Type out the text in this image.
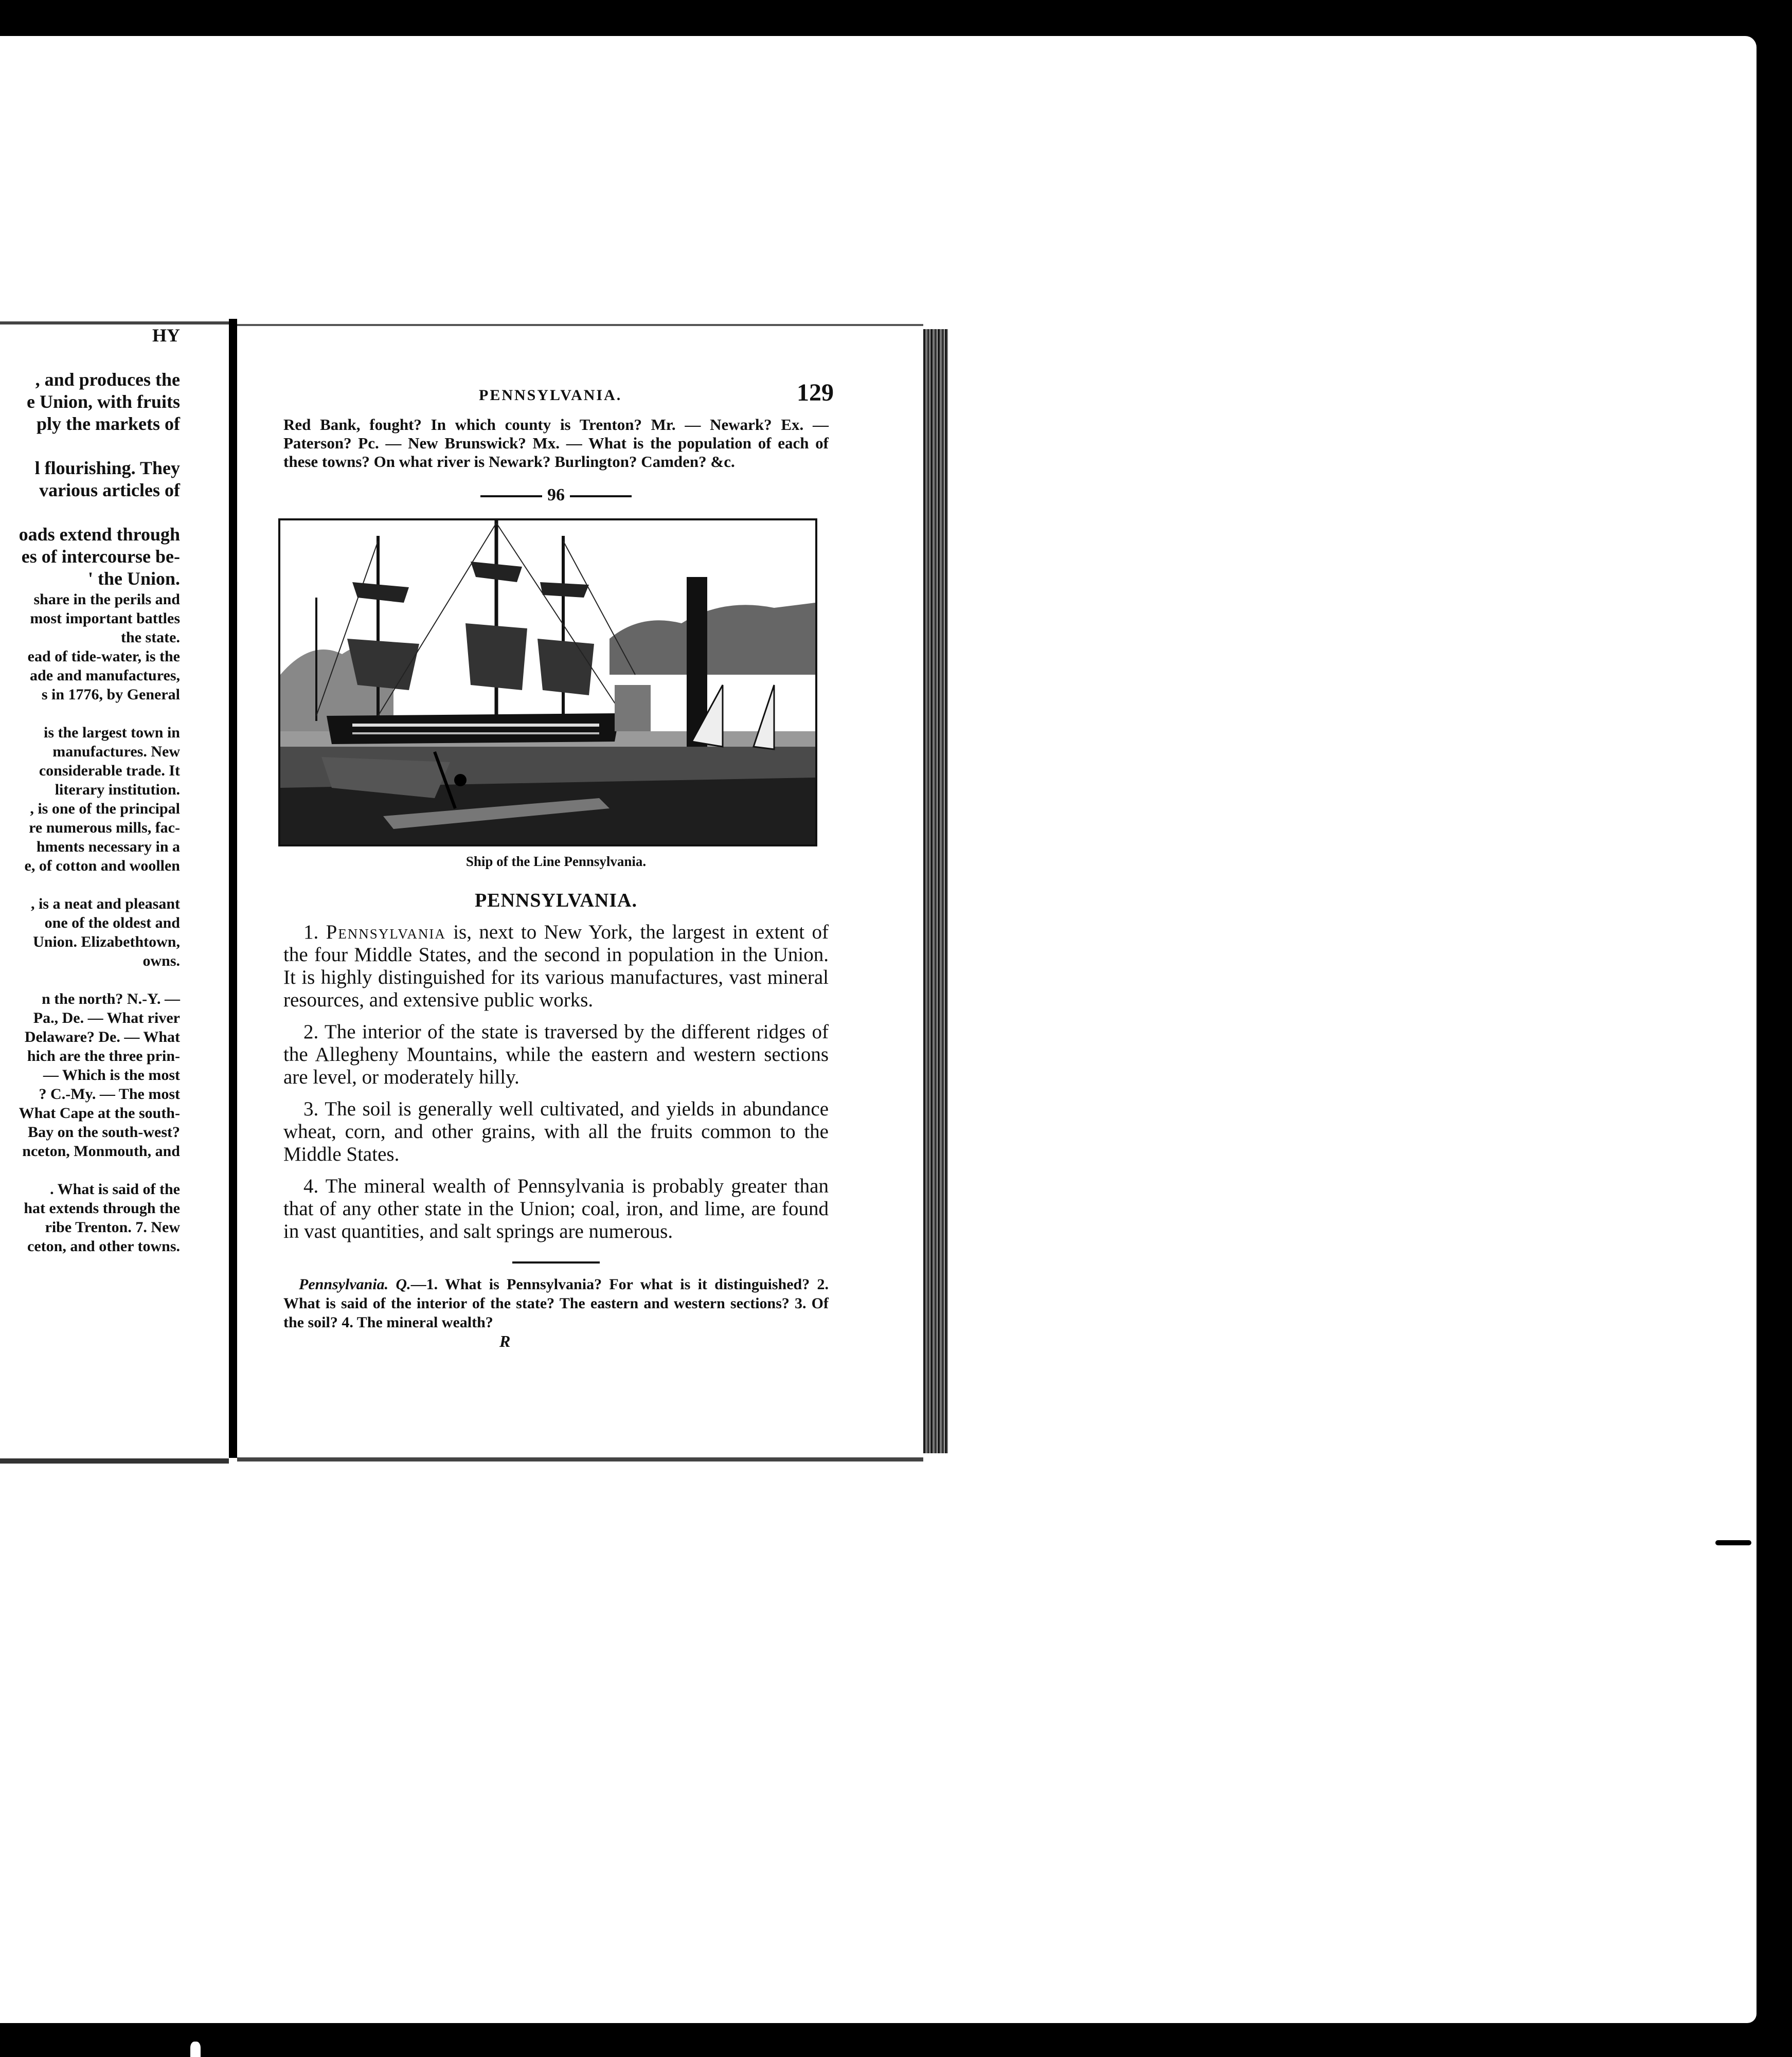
HY

, and produces the
e Union, with fruits
ply the markets of

l flourishing. They
various articles of

oads extend through
es of intercourse be-
' the Union.
share in the perils and
most important battles
the state.
ead of tide-water, is the
ade and manufactures,
s in 1776, by General

is the largest town in
manufactures. New
considerable trade. It
literary institution.
, is one of the principal
re numerous mills, fac-
hments necessary in a
e, of cotton and woollen

, is a neat and pleasant
one of the oldest and
Union. Elizabethtown,
owns.

n the north? N.-Y. —
Pa., De. — What river
Delaware? De. — What
hich are the three prin-
— Which is the most
? C.-My. — The most
What Cape at the south-
Bay on the south-west?
nceton, Monmouth, and

. What is said of the
hat extends through the
ribe Trenton. 7. New
ceton, and other towns.
PENNSYLVANIA.	129
Red Bank, fought? In which county is Trenton? Mr. — Newark? Ex. — Paterson? Pc. — New Brunswick? Mx. — What is the population of each of these towns? On what river is Newark? Burlington? Camden? &c.
96
Ship of the Line Pennsylvania.
PENNSYLVANIA.
 1. Pennsylvania is, next to New York, the largest in extent of the four Middle States, and the second in population in the Union. It is highly distinguished for its various manufactures, vast mineral resources, and extensive public works.
 2. The interior of the state is traversed by the different ridges of the Allegheny Mountains, while the eastern and western sections are level, or moderately hilly.
 3. The soil is generally well cultivated, and yields in abundance wheat, corn, and other grains, with all the fruits common to the Middle States.
 4. The mineral wealth of Pennsylvania is probably greater than that of any other state in the Union; coal, iron, and lime, are found in vast quantities, and salt springs are numerous.
 Pennsylvania. Q.—1. What is Pennsylvania? For what is it distinguished? 2. What is said of the interior of the state? The eastern and western sections? 3. Of the soil? 4. The mineral wealth?
R
